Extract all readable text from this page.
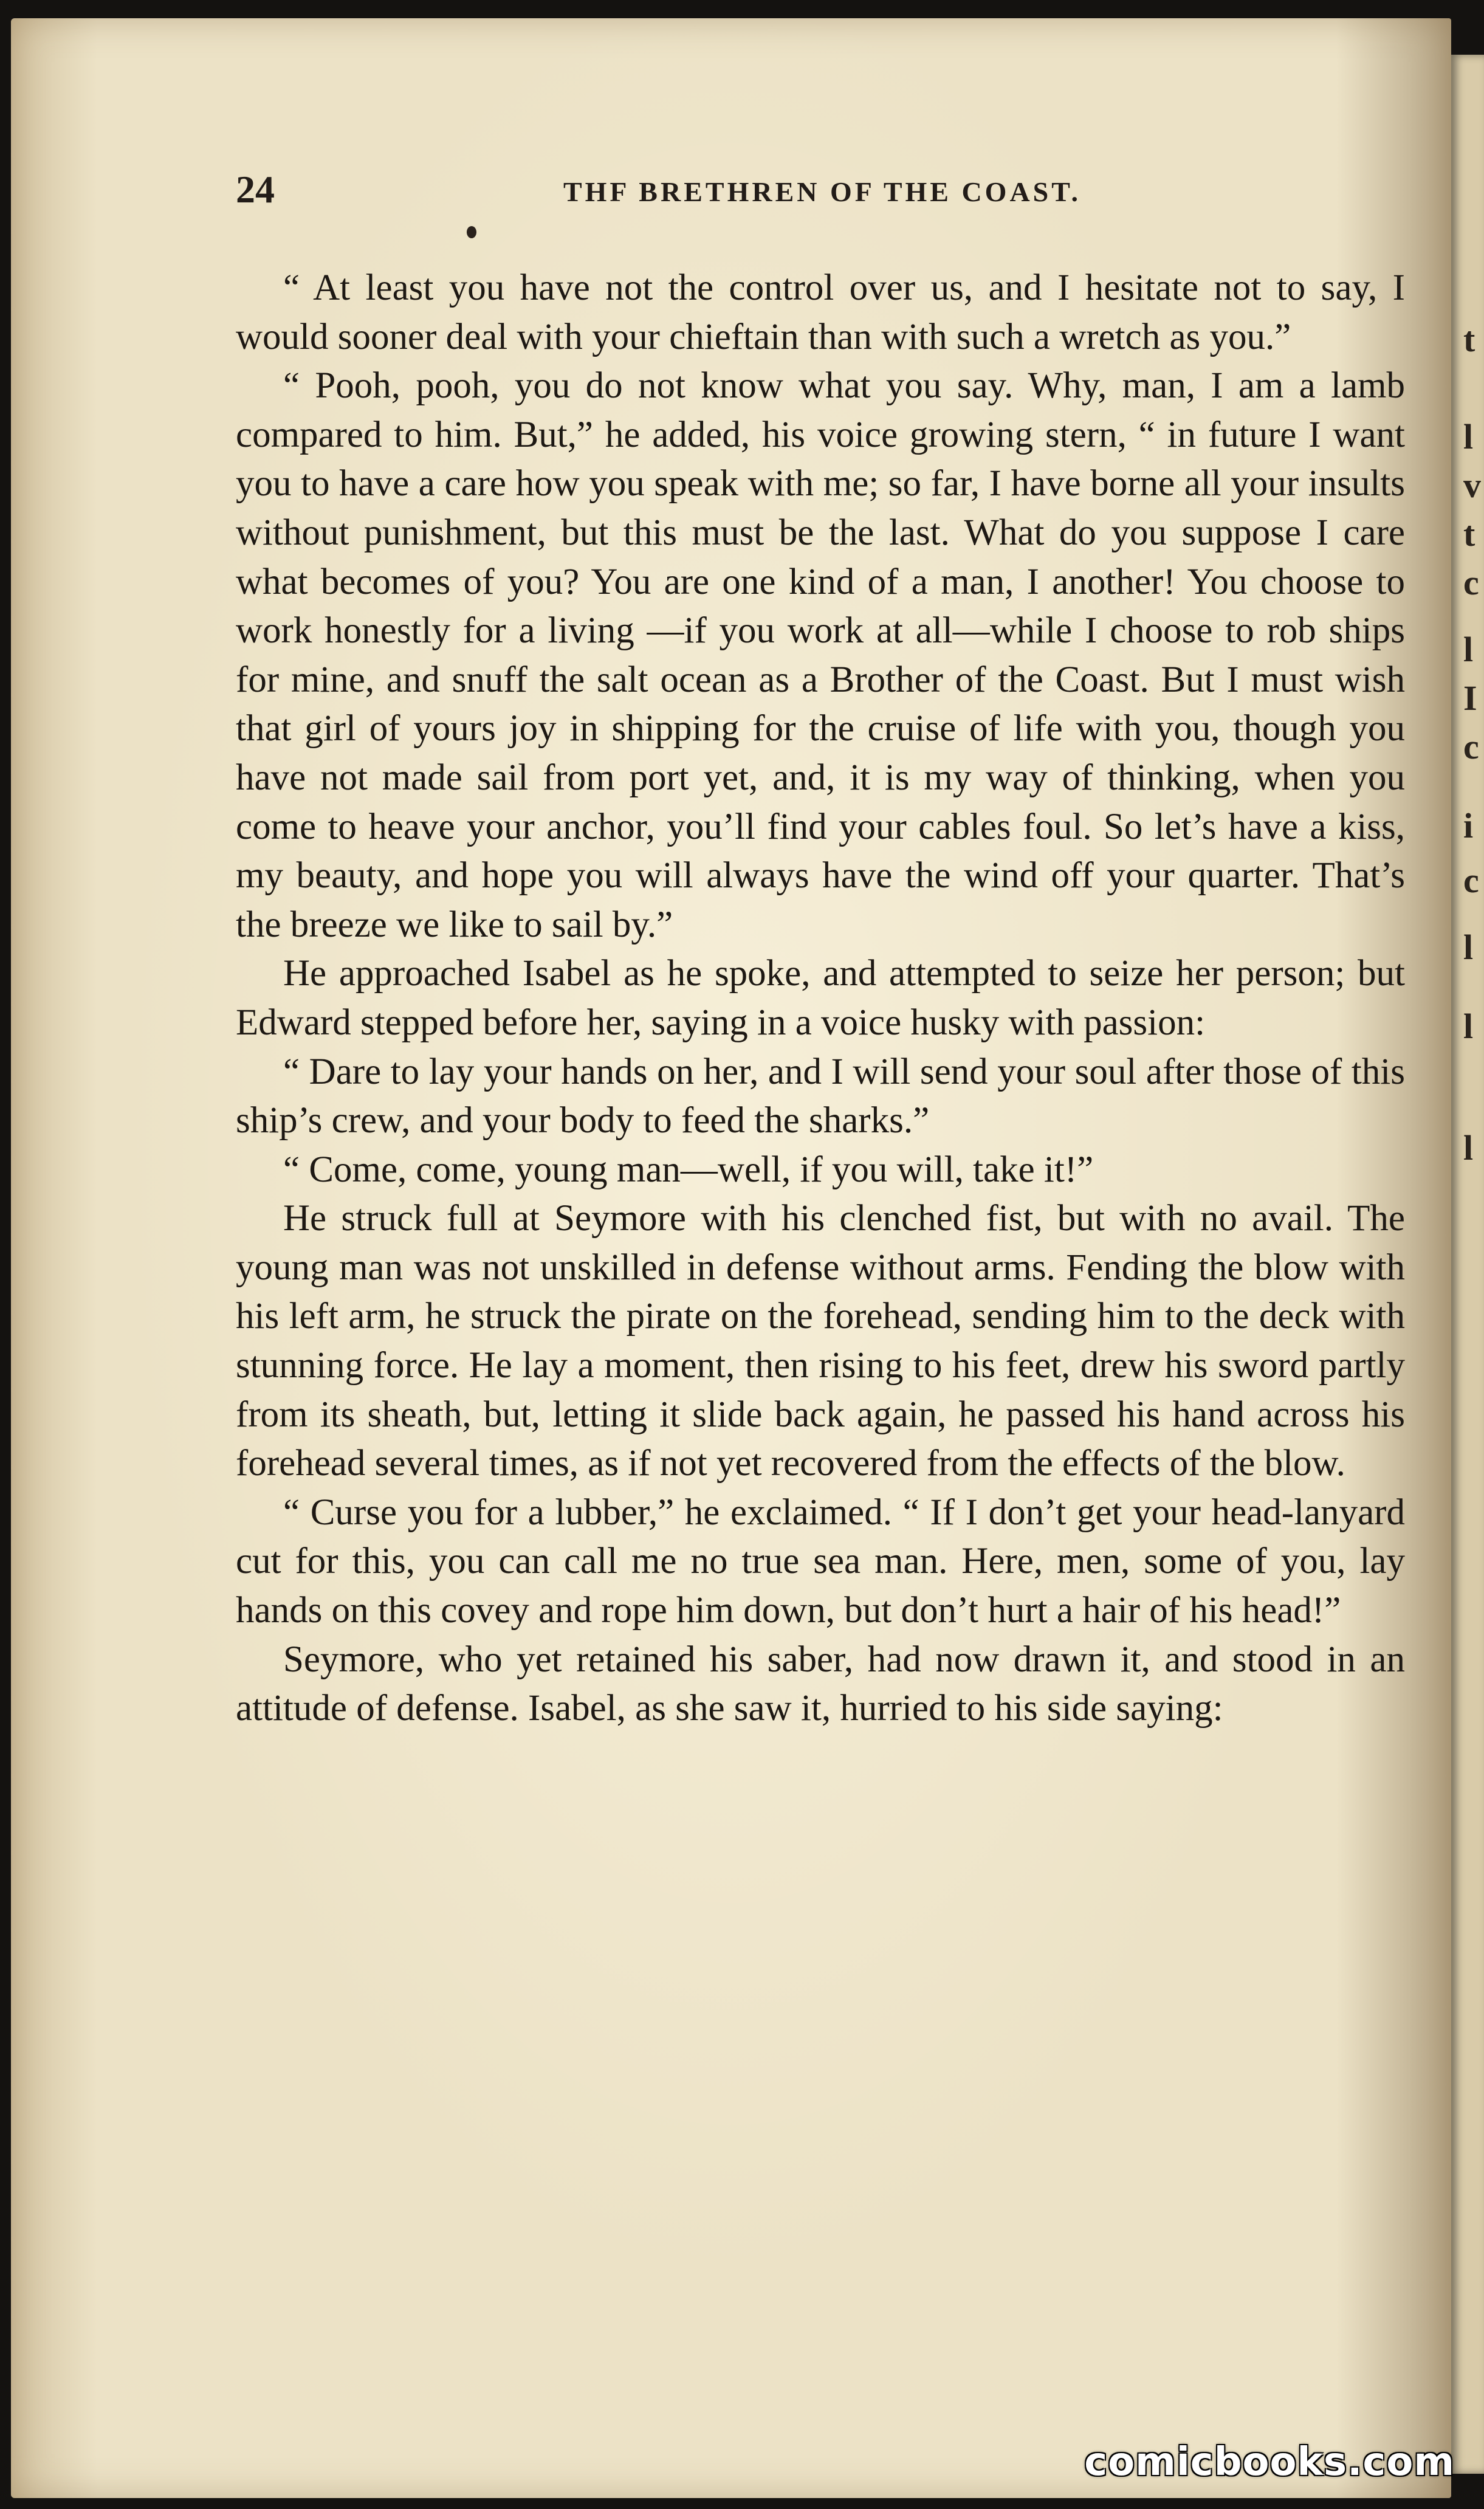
t
l
v
t
c
l
I
c
i
c
l
l
l
24	THF BRETHREN OF THE COAST.

“ At least you have not the control over us, and I hesitate not to say, I would sooner deal with your chieftain than with such a wretch as you.”

“ Pooh, pooh, you do not know what you say. Why, man, I am a lamb compared to him. But,” he added, his voice growing stern, “ in future I want you to have a care how you speak with me; so far, I have borne all your insults without punishment, but this must be the last. What do you suppose I care what becomes of you? You are one kind of a man, I another! You choose to work honestly for a living —if you work at all—while I choose to rob ships for mine, and snuff the salt ocean as a Brother of the Coast. But I must wish that girl of yours joy in shipping for the cruise of life with you, though you have not made sail from port yet, and, it is my way of thinking, when you come to heave your anchor, you’ll find your cables foul. So let’s have a kiss, my beauty, and hope you will always have the wind off your quarter. That’s the breeze we like to sail by.”

He approached Isabel as he spoke, and attempted to seize her person; but Edward stepped before her, saying in a voice husky with passion:

“ Dare to lay your hands on her, and I will send your soul after those of this ship’s crew, and your body to feed the sharks.”

“ Come, come, young man—well, if you will, take it!”

He struck full at Seymore with his clenched fist, but with no avail. The young man was not unskilled in defense without arms. Fending the blow with his left arm, he struck the pirate on the forehead, sending him to the deck with stunning force. He lay a moment, then rising to his feet, drew his sword partly from its sheath, but, letting it slide back again, he passed his hand across his forehead several times, as if not yet recovered from the effects of the blow.

“ Curse you for a lubber,” he exclaimed. “ If I don’t get your head-lanyard cut for this, you can call me no true sea man. Here, men, some of you, lay hands on this covey and rope him down, but don’t hurt a hair of his head!”

Seymore, who yet retained his saber, had now drawn it, and stood in an attitude of defense. Isabel, as she saw it, hurried to his side saying:

comicbooks.com
